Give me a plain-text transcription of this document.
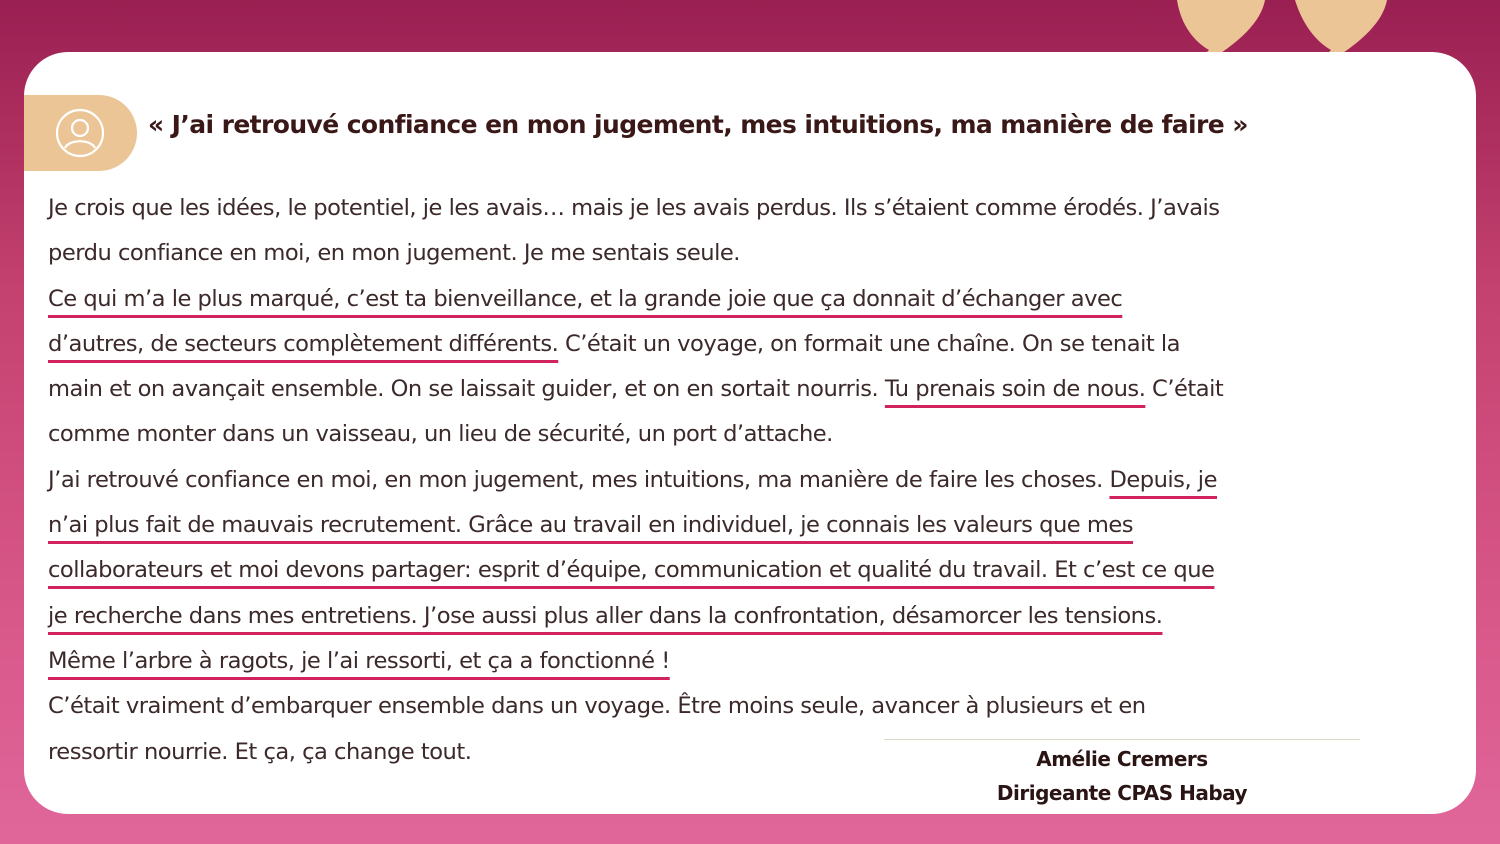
« J’ai retrouvé confiance en mon jugement, mes intuitions, ma manière de faire »
Je crois que les idées, le potentiel, je les avais… mais je les avais perdus. Ils s’étaient comme érodés. J’avais
perdu confiance en moi, en mon jugement. Je me sentais seule.
Ce qui m’a le plus marqué, c’est ta bienveillance, et la grande joie que ça donnait d’échanger avec
d’autres, de secteurs complètement différents. C’était un voyage, on formait une chaîne. On se tenait la
main et on avançait ensemble. On se laissait guider, et on en sortait nourris. Tu prenais soin de nous. C’était
comme monter dans un vaisseau, un lieu de sécurité, un port d’attache.
J’ai retrouvé confiance en moi, en mon jugement, mes intuitions, ma manière de faire les choses. Depuis, je
n’ai plus fait de mauvais recrutement. Grâce au travail en individuel, je connais les valeurs que mes
collaborateurs et moi devons partager: esprit d’équipe, communication et qualité du travail. Et c’est ce que
je recherche dans mes entretiens. J’ose aussi plus aller dans la confrontation, désamorcer les tensions.
Même l’arbre à ragots, je l’ai ressorti, et ça a fonctionné !
C’était vraiment d’embarquer ensemble dans un voyage. Être moins seule, avancer à plusieurs et en
ressortir nourrie. Et ça, ça change tout.	Amélie Cremers
Dirigeante CPAS Habay
